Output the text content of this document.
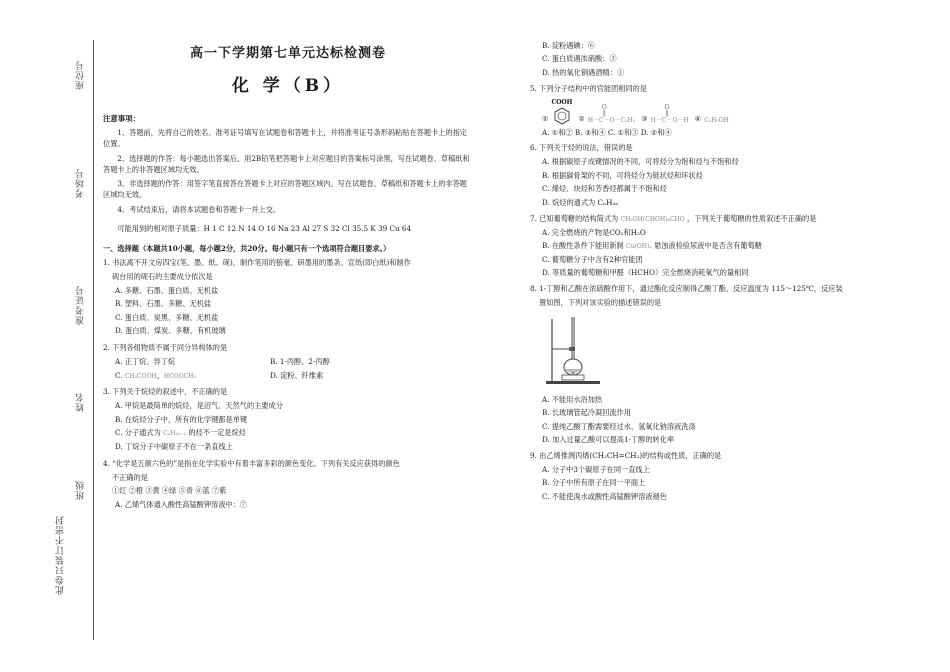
座位号
考场号
准考证号
姓名
班级
此卷只装订不密封
高一下学期第七单元达标检测卷
化 学（B）
注意事项：
1、答题前，先将自己的姓名、准考证号填写在试题卷和答题卡上，并将准考证号条形码粘贴在答题卡上的指定位置。
2、选择题的作答：每小题选出答案后，用2B铅笔把答题卡上对应题目的答案标号涂黑，写在试题卷、草稿纸和答题卡上的非答题区域均无效。
3、非选择题的作答：用签字笔直接答在答题卡上对应的答题区域内。写在试题卷、草稿纸和答题卡上的非答题区域均无效。
4、考试结束后，请将本试题卷和答题卡一并上交。
可能用到的相对原子质量：H 1 C 12 N 14 O 16 Na 23 Al 27 S 32 Cl 35.5 K 39 Cu 64
一、选择题（本题共10小题，每小题2分，共20分。每小题只有一个选项符合题目要求。）
1. 书法离不开文房四宝(笔、墨、纸、砚)，制作笔用的狼毫、研墨用的墨条、宣纸(即白纸)和制作
砚台用的砚石的主要成分依次是
A. 多糖、石墨、蛋白质、无机盐
B. 塑料、石墨、多糖、无机盐
C. 蛋白质、炭黑、多糖、无机盐
D. 蛋白质、煤炭、多糖、有机玻璃
2. 下列各组物质不属于同分异构体的是
A. 正丁烷、异丁烷	B. 1-丙醇、2-丙醇
C. CH₃COOH、HCOOCH₃	D. 淀粉、纤维素
3. 下列关于烷烃的叙述中，不正确的是
A. 甲烷是最简单的烷烃，是沼气、天然气的主要成分
B. 在烷烃分子中，所有的化学键都是单键
C. 分子通式为 CₙH₂ₙ₊₂ 的烃不一定是烷烃
D. 丁烷分子中碳原子不在一条直线上
4. “化学是五颜六色的”是指在化学实验中有着丰富多彩的颜色变化。下列有关反应获得的颜色
不正确的是
①红 ②橙 ③黄 ④绿 ⑤青 ⑥蓝 ⑦紫
A. 乙烯气体通入酸性高锰酸钾溶液中：⑦
B. 淀粉遇碘：⑥
C. 蛋白质遇浓硝酸：③
D. 热的氧化铜遇酒精：①
5. 下列分子结构中的官能团相同的是
①
COOH
②
O
‖
H－C－O－C₂H₅ ③
O
‖
H－C－O－H ④ C₂H₅OH
A. ①和② B. ③和④ C. ①和③ D. ②和④
6. 下列关于烃的说法，错误的是
A. 根据碳原子成键情况的不同，可将烃分为饱和烃与不饱和烃
B. 根据碳骨架的不同，可将烃分为链状烃和环状烃
C. 烯烃、炔烃和芳香烃都属于不饱和烃
D. 烷烃的通式为 CₙH₂ₙ
7. 已知葡萄糖的结构简式为 CH₂OH(CHOH)₄CHO ，下列关于葡萄糖的性质叙述不正确的是
A. 完全燃烧的产物是CO₂和H₂O
B. 在酸性条件下能用新制 Cu(OH)₂ 悬浊液检验尿液中是否含有葡萄糖
C. 葡萄糖分子中含有2种官能团
D. 等质量的葡萄糖和甲醛（HCHO）完全燃烧消耗氧气的量相同
8. 1-丁醇和乙酸在浓硫酸作用下，通过酯化反应制得乙酸丁酯，反应温度为 115～125℃，反应装
置如图，下列对该实验的描述错误的是
A. 不能用水浴加热
B. 长玻璃管起冷凝回流作用
C. 提纯乙酸丁酯需要经过水、氢氧化钠溶液洗涤
D. 加入过量乙酸可以提高1-丁醇的转化率
9. 由乙烯推测丙烯(CH₂CH=CH₂)的结构或性质，正确的是
A. 分子中3个碳原子在同一直线上
B. 分子中所有原子在同一平面上
C. 不能使溴水或酸性高锰酸钾溶液褪色
